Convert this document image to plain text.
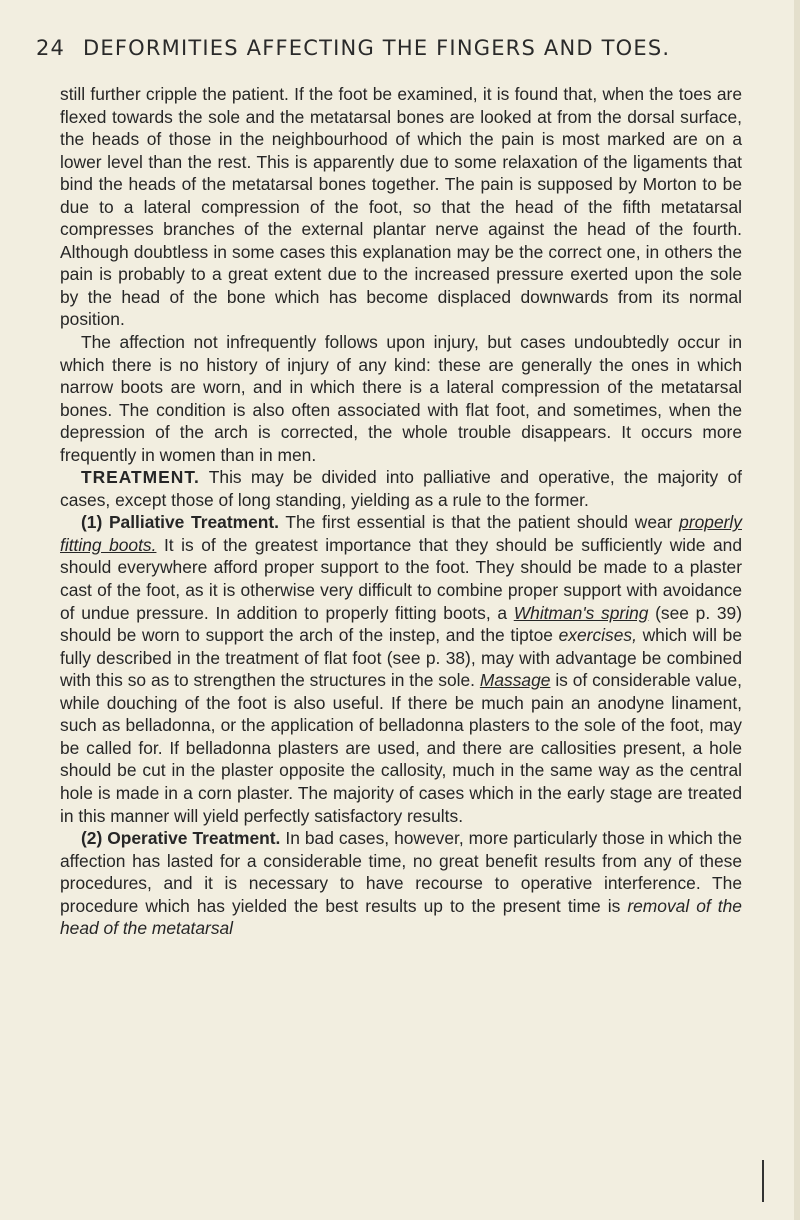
24 DEFORMITIES AFFECTING THE FINGERS AND TOES.

still further cripple the patient. If the foot be examined, it is found that, when the toes are flexed towards the sole and the metatarsal bones are looked at from the dorsal surface, the heads of those in the neighbourhood of which the pain is most marked are on a lower level than the rest. This is apparently due to some relaxation of the ligaments that bind the heads of the metatarsal bones together. The pain is supposed by Morton to be due to a lateral compression of the foot, so that the head of the fifth metatarsal compresses branches of the external plantar nerve against the head of the fourth. Although doubtless in some cases this explanation may be the correct one, in others the pain is probably to a great extent due to the increased pressure exerted upon the sole by the head of the bone which has become displaced downwards from its normal position.

The affection not infrequently follows upon injury, but cases undoubtedly occur in which there is no history of injury of any kind: these are generally the ones in which narrow boots are worn, and in which there is a lateral compression of the metatarsal bones. The condition is also often associated with flat foot, and sometimes, when the depression of the arch is corrected, the whole trouble disappears. It occurs more frequently in women than in men.

TREATMENT. This may be divided into palliative and operative, the majority of cases, except those of long standing, yielding as a rule to the former.

(1) Palliative Treatment. The first essential is that the patient should wear properly fitting boots. It is of the greatest importance that they should be sufficiently wide and should everywhere afford proper support to the foot. They should be made to a plaster cast of the foot, as it is otherwise very difficult to combine proper support with avoidance of undue pressure. In addition to properly fitting boots, a Whitman's spring (see p. 39) should be worn to support the arch of the instep, and the tiptoe exercises, which will be fully described in the treatment of flat foot (see p. 38), may with advantage be combined with this so as to strengthen the structures in the sole. Massage is of considerable value, while douching of the foot is also useful. If there be much pain an anodyne linament, such as belladonna, or the application of belladonna plasters to the sole of the foot, may be called for. If belladonna plasters are used, and there are callosities present, a hole should be cut in the plaster opposite the callosity, much in the same way as the central hole is made in a corn plaster. The majority of cases which in the early stage are treated in this manner will yield perfectly satisfactory results.

(2) Operative Treatment. In bad cases, however, more particularly those in which the affection has lasted for a considerable time, no great benefit results from any of these procedures, and it is necessary to have recourse to operative interference. The procedure which has yielded the best results up to the present time is removal of the head of the metatarsal
